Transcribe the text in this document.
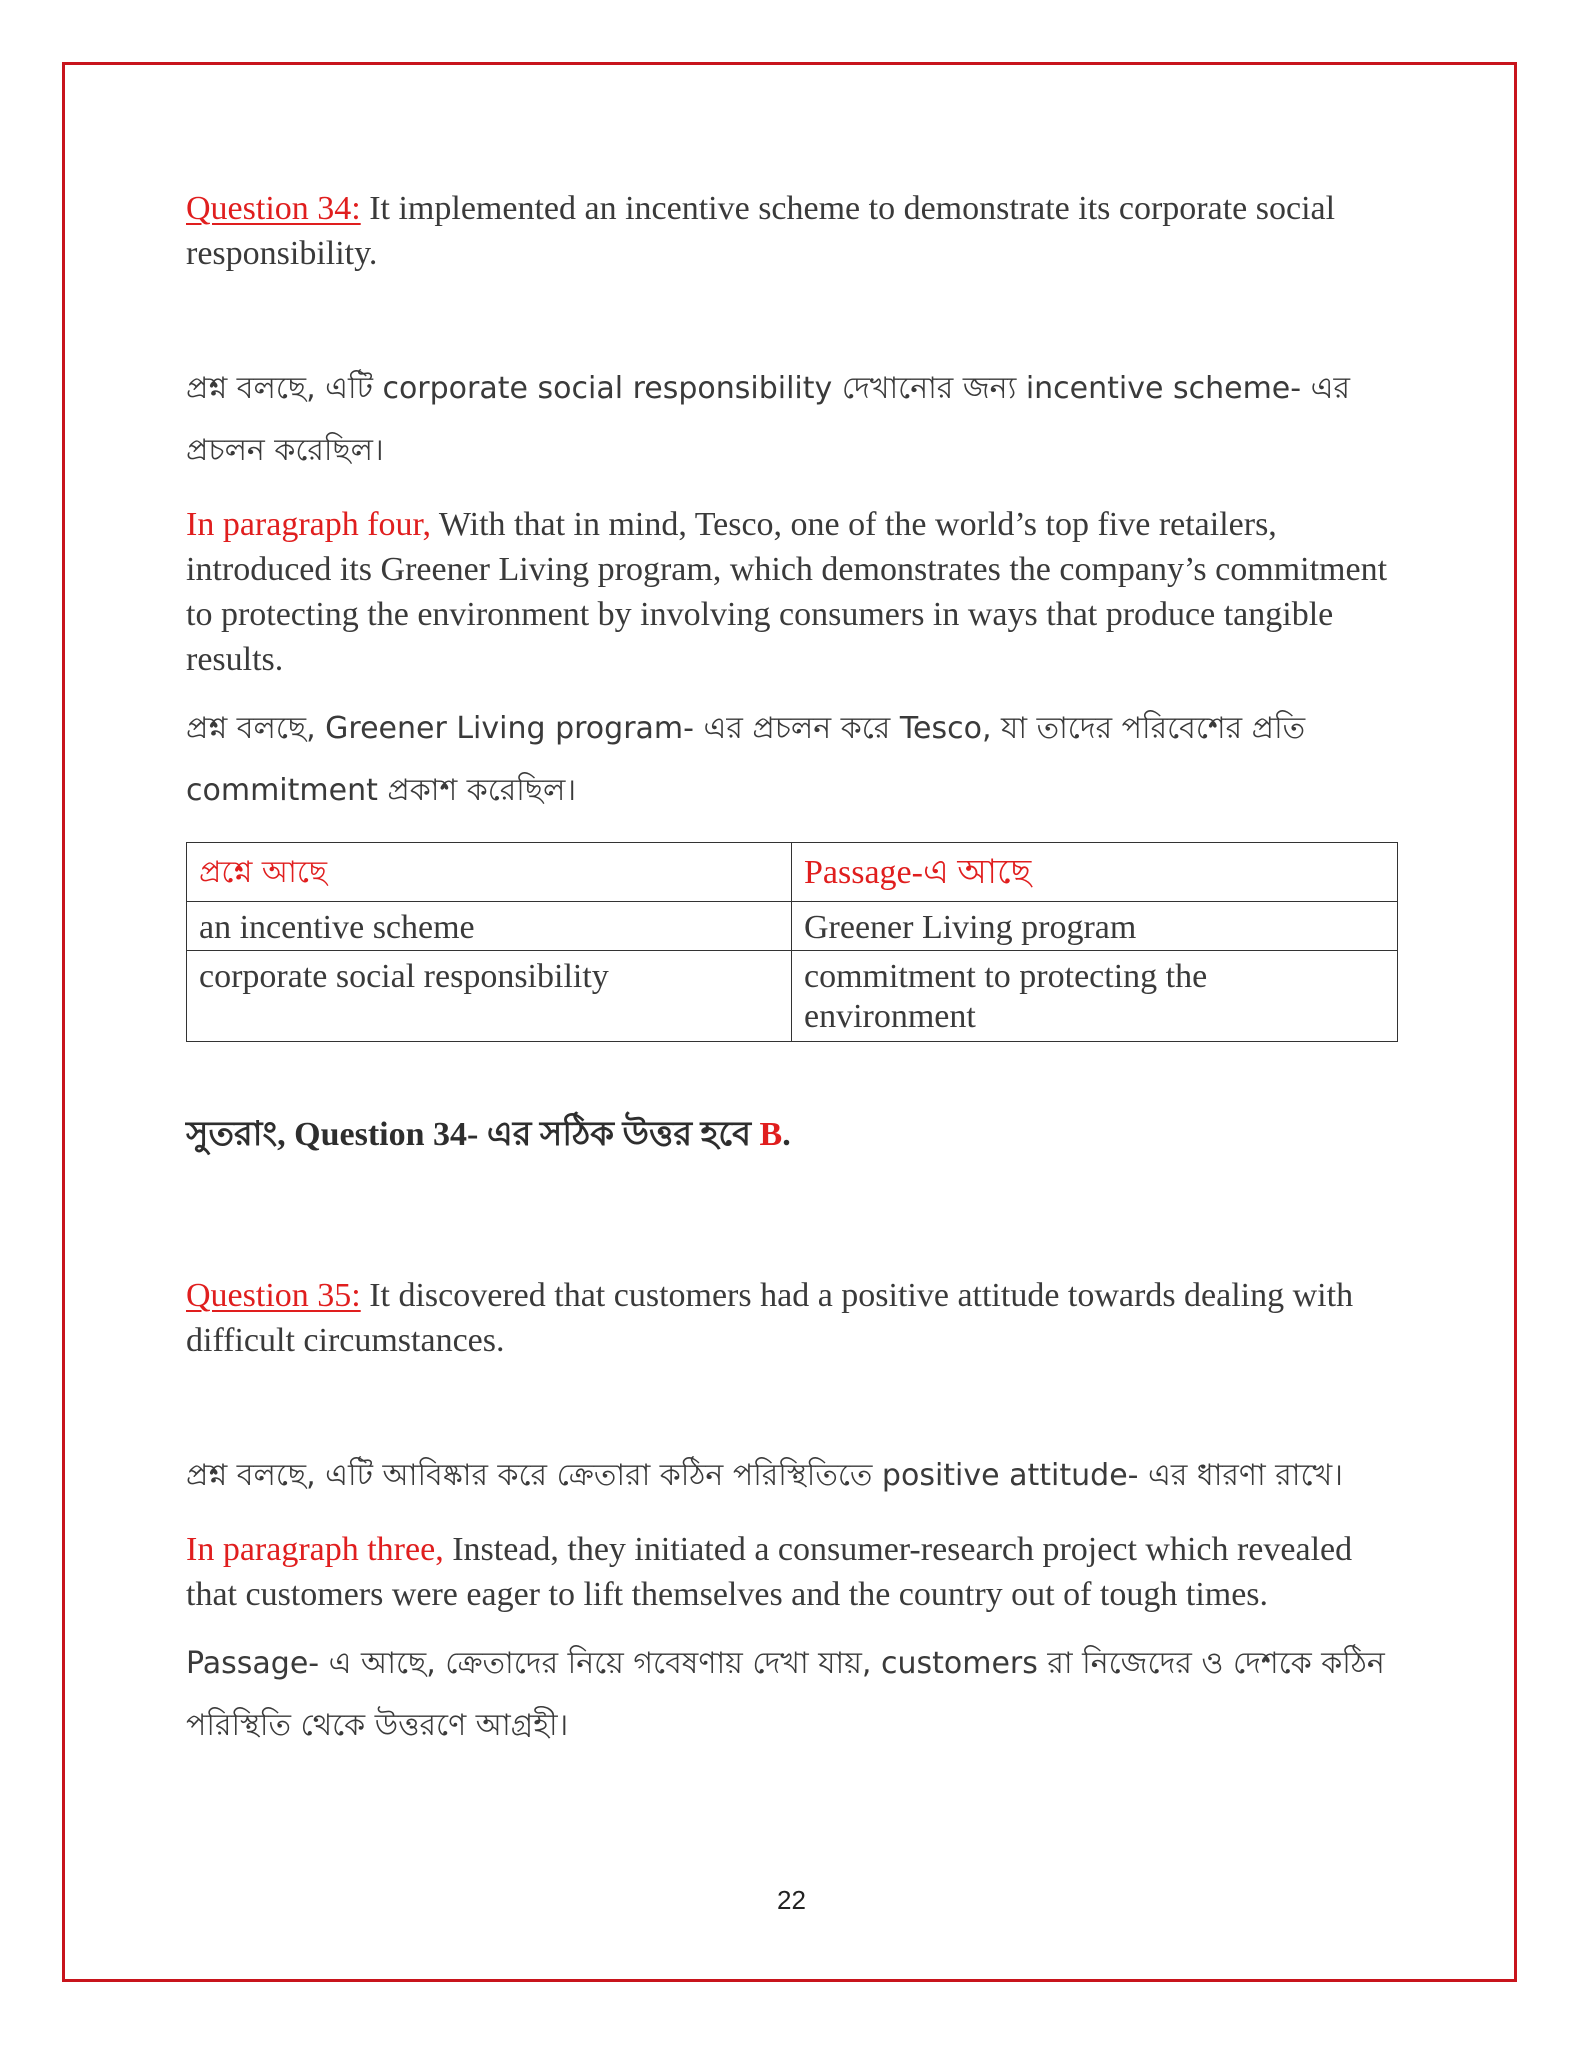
Question 34: It implemented an incentive scheme to demonstrate its corporate social responsibility.

প্রশ্ন বলছে, এটি corporate social responsibility দেখানোর জন্য incentive scheme- এর প্রচলন করেছিল।

In paragraph four, With that in mind, Tesco, one of the world’s top five retailers, introduced its Greener Living program, which demonstrates the company’s commitment to protecting the environment by involving consumers in ways that produce tangible results.

প্রশ্ন বলছে, Greener Living program- এর প্রচলন করে Tesco, যা তাদের পরিবেশের প্রতি commitment প্রকাশ করেছিল।

প্রশ্নে আছে	Passage-এ আছে
an incentive scheme	Greener Living program
corporate social responsibility	commitment to protecting the environment

সুতরাং, Question 34- এর সঠিক উত্তর হবে B.

Question 35: It discovered that customers had a positive attitude towards dealing with difficult circumstances.

প্রশ্ন বলছে, এটি আবিষ্কার করে ক্রেতারা কঠিন পরিস্থিতিতে positive attitude- এর ধারণা রাখে।

In paragraph three, Instead, they initiated a consumer-research project which revealed that customers were eager to lift themselves and the country out of tough times.

Passage- এ আছে, ক্রেতাদের নিয়ে গবেষণায় দেখা যায়, customers রা নিজেদের ও দেশকে কঠিন পরিস্থিতি থেকে উত্তরণে আগ্রহী।

22
